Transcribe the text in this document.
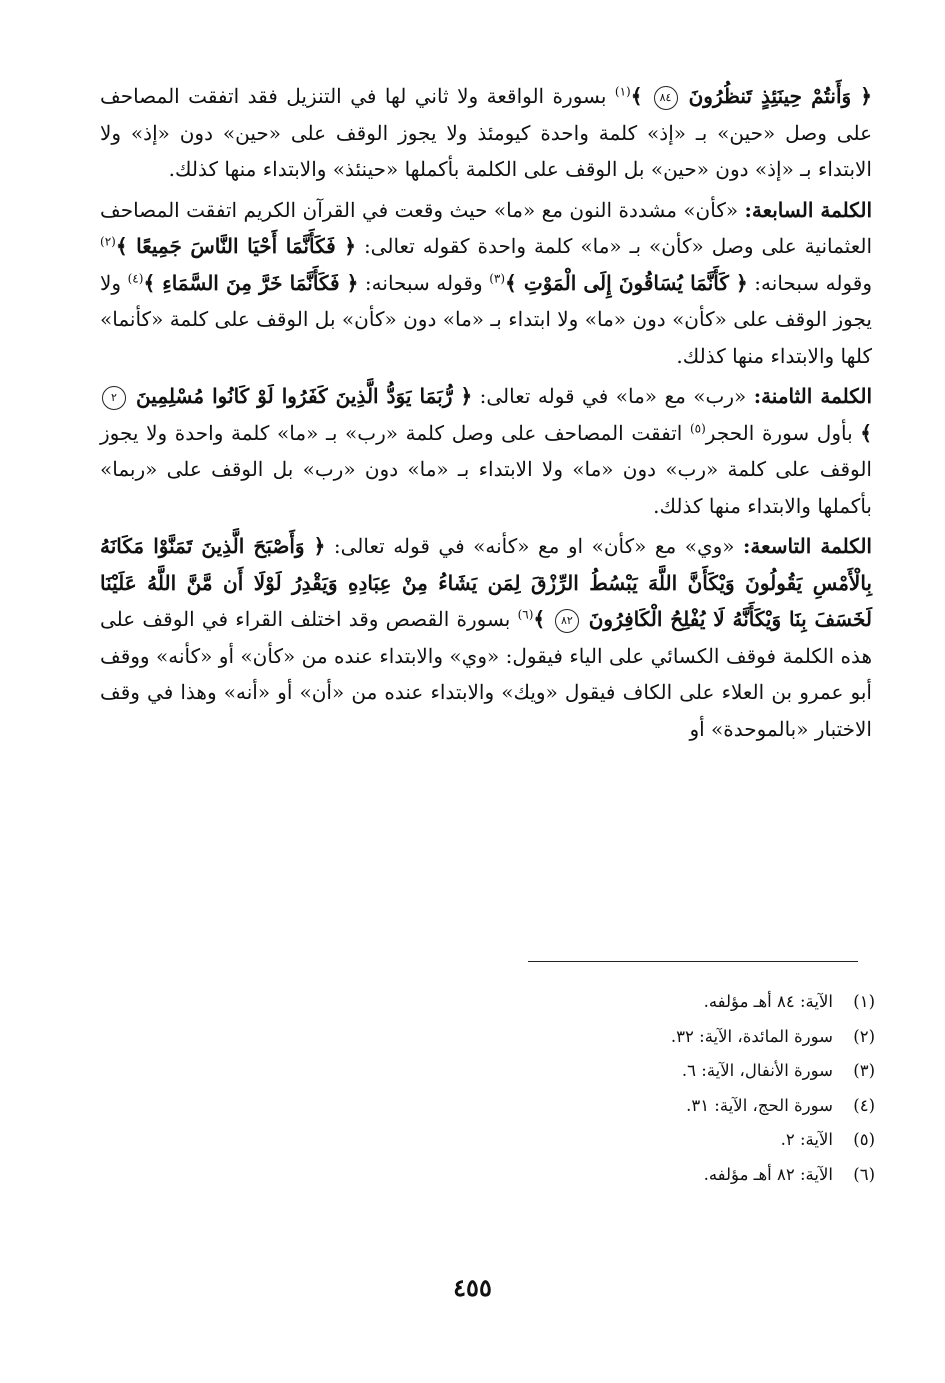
﴿ وَأَنتُمْ حِينَئِذٍ تَنظُرُونَ ٨٤ ﴾$^{(١)}$ بسورة الواقعة ولا ثاني لها في التنزيل فقد اتفقت المصاحف على وصل «حين» بـ «إذ» كلمة واحدة كيومئذ ولا يجوز الوقف على «حين» دون «إذ» ولا الابتداء بـ «إذ» دون «حين» بل الوقف على الكلمة بأكملها «حينئذ» والابتداء منها كذلك.

الكلمة السابعة: «كأن» مشددة النون مع «ما» حيث وقعت في القرآن الكريم اتفقت المصاحف العثمانية على وصل «كأن» بـ «ما» كلمة واحدة كقوله تعالى: ﴿ فَكَأَنَّمَا أَحْيَا النَّاسَ جَمِيعًا ﴾$^{(٢)}$ وقوله سبحانه: ﴿ كَأَنَّمَا يُسَاقُونَ إِلَى الْمَوْتِ ﴾$^{(٣)}$ وقوله سبحانه: ﴿ فَكَأَنَّمَا خَرَّ مِنَ السَّمَاءِ ﴾$^{(٤)}$ ولا يجوز الوقف على «كأن» دون «ما» ولا ابتداء بـ «ما» دون «كأن» بل الوقف على كلمة «كأنما» كلها والابتداء منها كذلك.

الكلمة الثامنة: «رب» مع «ما» في قوله تعالى: ﴿ رُّبَمَا يَوَدُّ الَّذِينَ كَفَرُوا لَوْ كَانُوا مُسْلِمِينَ ٢ ﴾ بأول سورة الحجر$^{(٥)}$ اتفقت المصاحف على وصل كلمة «رب» بـ «ما» كلمة واحدة ولا يجوز الوقف على كلمة «رب» دون «ما» ولا الابتداء بـ «ما» دون «رب» بل الوقف على «ربما» بأكملها والابتداء منها كذلك.

الكلمة التاسعة: «وي» مع «كأن» او مع «كأنه» في قوله تعالى: ﴿ وَأَصْبَحَ الَّذِينَ تَمَنَّوْا مَكَانَهُ بِالْأَمْسِ يَقُولُونَ وَيْكَأَنَّ اللَّهَ يَبْسُطُ الرِّزْقَ لِمَن يَشَاءُ مِنْ عِبَادِهِ وَيَقْدِرُ لَوْلَا أَن مَّنَّ اللَّهُ عَلَيْنَا لَخَسَفَ بِنَا وَيْكَأَنَّهُ لَا يُفْلِحُ الْكَافِرُونَ ٨٢ ﴾$^{(٦)}$ بسورة القصص وقد اختلف القراء في الوقف على هذه الكلمة فوقف الكسائي على الياء فيقول: «وي» والابتداء عنده من «كأن» أو «كأنه» ووقف أبو عمرو بن العلاء على الكاف فيقول «ويك» والابتداء عنده من «أن» أو «أنه» وهذا في وقف الاختبار «بالموحدة» أو

(١)الآية: ٨٤ أهـ مؤلفه.
(٢)سورة المائدة، الآية: ٣٢.
(٣)سورة الأنفال، الآية: ٦.
(٤)سورة الحج، الآية: ٣١.
(٥)الآية: ٢.
(٦)الآية: ٨٢ أهـ مؤلفه.
٤٥٥
